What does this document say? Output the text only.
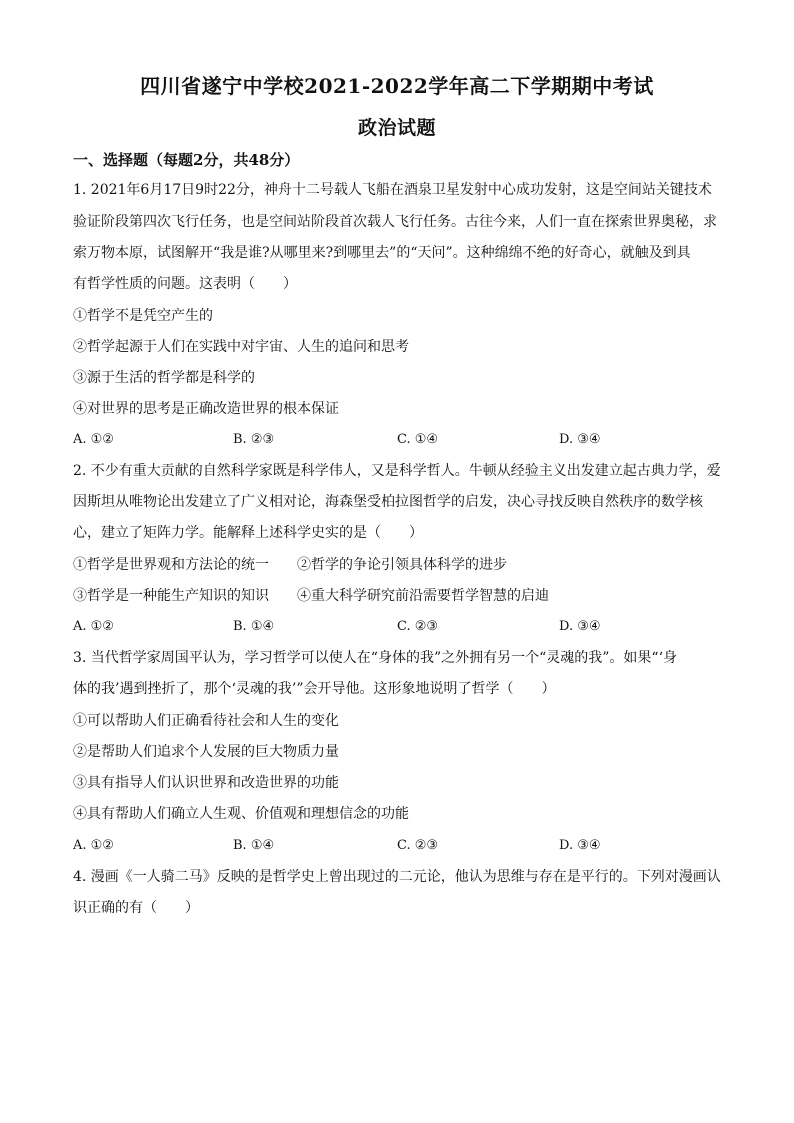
四川省遂宁中学校2021-2022学年高二下学期期中考试
政治试题
一、选择题（每题2分，共48分）
1. 2021年6月17日9时22分，神舟十二号载人飞船在酒泉卫星发射中心成功发射，这是空间站关键技术
验证阶段第四次飞行任务，也是空间站阶段首次载人飞行任务。古往今来，人们一直在探索世界奥秘，求
索万物本原，试图解开“我是谁?从哪里来?到哪里去”的“天问”。这种绵绵不绝的好奇心，就触及到具
有哲学性质的问题。这表明（　　）
①哲学不是凭空产生的
②哲学起源于人们在实践中对宇宙、人生的追问和思考
③源于生活的哲学都是科学的
④对世界的思考是正确改造世界的根本保证
A. ①②	B. ②③	C. ①④	D. ③④
2. 不少有重大贡献的自然科学家既是科学伟人，又是科学哲人。牛顿从经验主义出发建立起古典力学，爱
因斯坦从唯物论出发建立了广义相对论，海森堡受柏拉图哲学的启发，决心寻找反映自然秩序的数学核
心，建立了矩阵力学。能解释上述科学史实的是（　　）
①哲学是世界观和方法论的统一　　②哲学的争论引领具体科学的进步
③哲学是一种能生产知识的知识　　④重大科学研究前沿需要哲学智慧的启迪
A. ①②	B. ①④	C. ②③	D. ③④
3. 当代哲学家周国平认为，学习哲学可以使人在“身体的我”之外拥有另一个“灵魂的我”。如果“‘身
体的我’遇到挫折了，那个‘灵魂的我’”会开导他。这形象地说明了哲学（　　）
①可以帮助人们正确看待社会和人生的变化
②是帮助人们追求个人发展的巨大物质力量
③具有指导人们认识世界和改造世界的功能
④具有帮助人们确立人生观、价值观和理想信念的功能
A. ①②	B. ①④	C. ②③	D. ③④
4. 漫画《一人骑二马》反映的是哲学史上曾出现过的二元论，他认为思维与存在是平行的。下列对漫画认
识正确的有（　　）
